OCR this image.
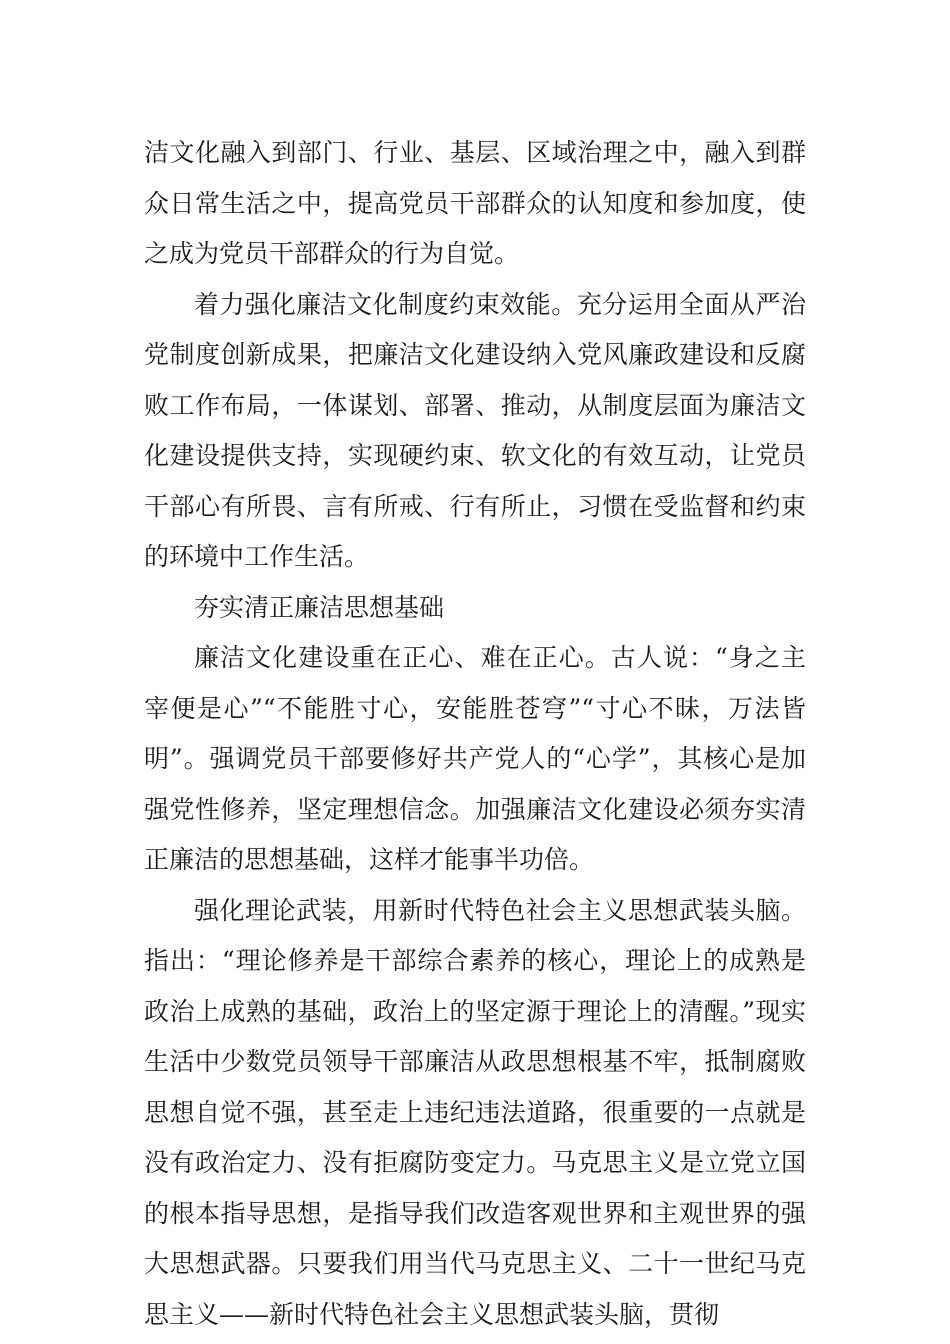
洁文化融入到部门、行业、基层、区域治理之中，融入到群众日常生活之中，提高党员干部群众的认知度和参加度，使之成为党员干部群众的行为自觉。

着力强化廉洁文化制度约束效能。充分运用全面从严治党制度创新成果，把廉洁文化建设纳入党风廉政建设和反腐败工作布局，一体谋划、部署、推动，从制度层面为廉洁文化建设提供支持，实现硬约束、软文化的有效互动，让党员干部心有所畏、言有所戒、行有所止，习惯在受监督和约束的环境中工作生活。

夯实清正廉洁思想基础

廉洁文化建设重在正心、难在正心。古人说：“身之主宰便是心”“不能胜寸心，安能胜苍穹”“寸心不昧，万法皆明”。强调党员干部要修好共产党人的“心学”，其核心是加强党性修养，坚定理想信念。加强廉洁文化建设必须夯实清正廉洁的思想基础，这样才能事半功倍。

强化理论武装，用新时代特色社会主义思想武装头脑。指出：“理论修养是干部综合素养的核心，理论上的成熟是政治上成熟的基础，政治上的坚定源于理论上的清醒。”现实生活中少数党员领导干部廉洁从政思想根基不牢，抵制腐败思想自觉不强，甚至走上违纪违法道路，很重要的一点就是没有政治定力、没有拒腐防变定力。马克思主义是立党立国的根本指导思想，是指导我们改造客观世界和主观世界的强大思想武器。只要我们用当代马克思主义、二十一世纪马克思主义——新时代特色社会主义思想武装头脑，贯彻
